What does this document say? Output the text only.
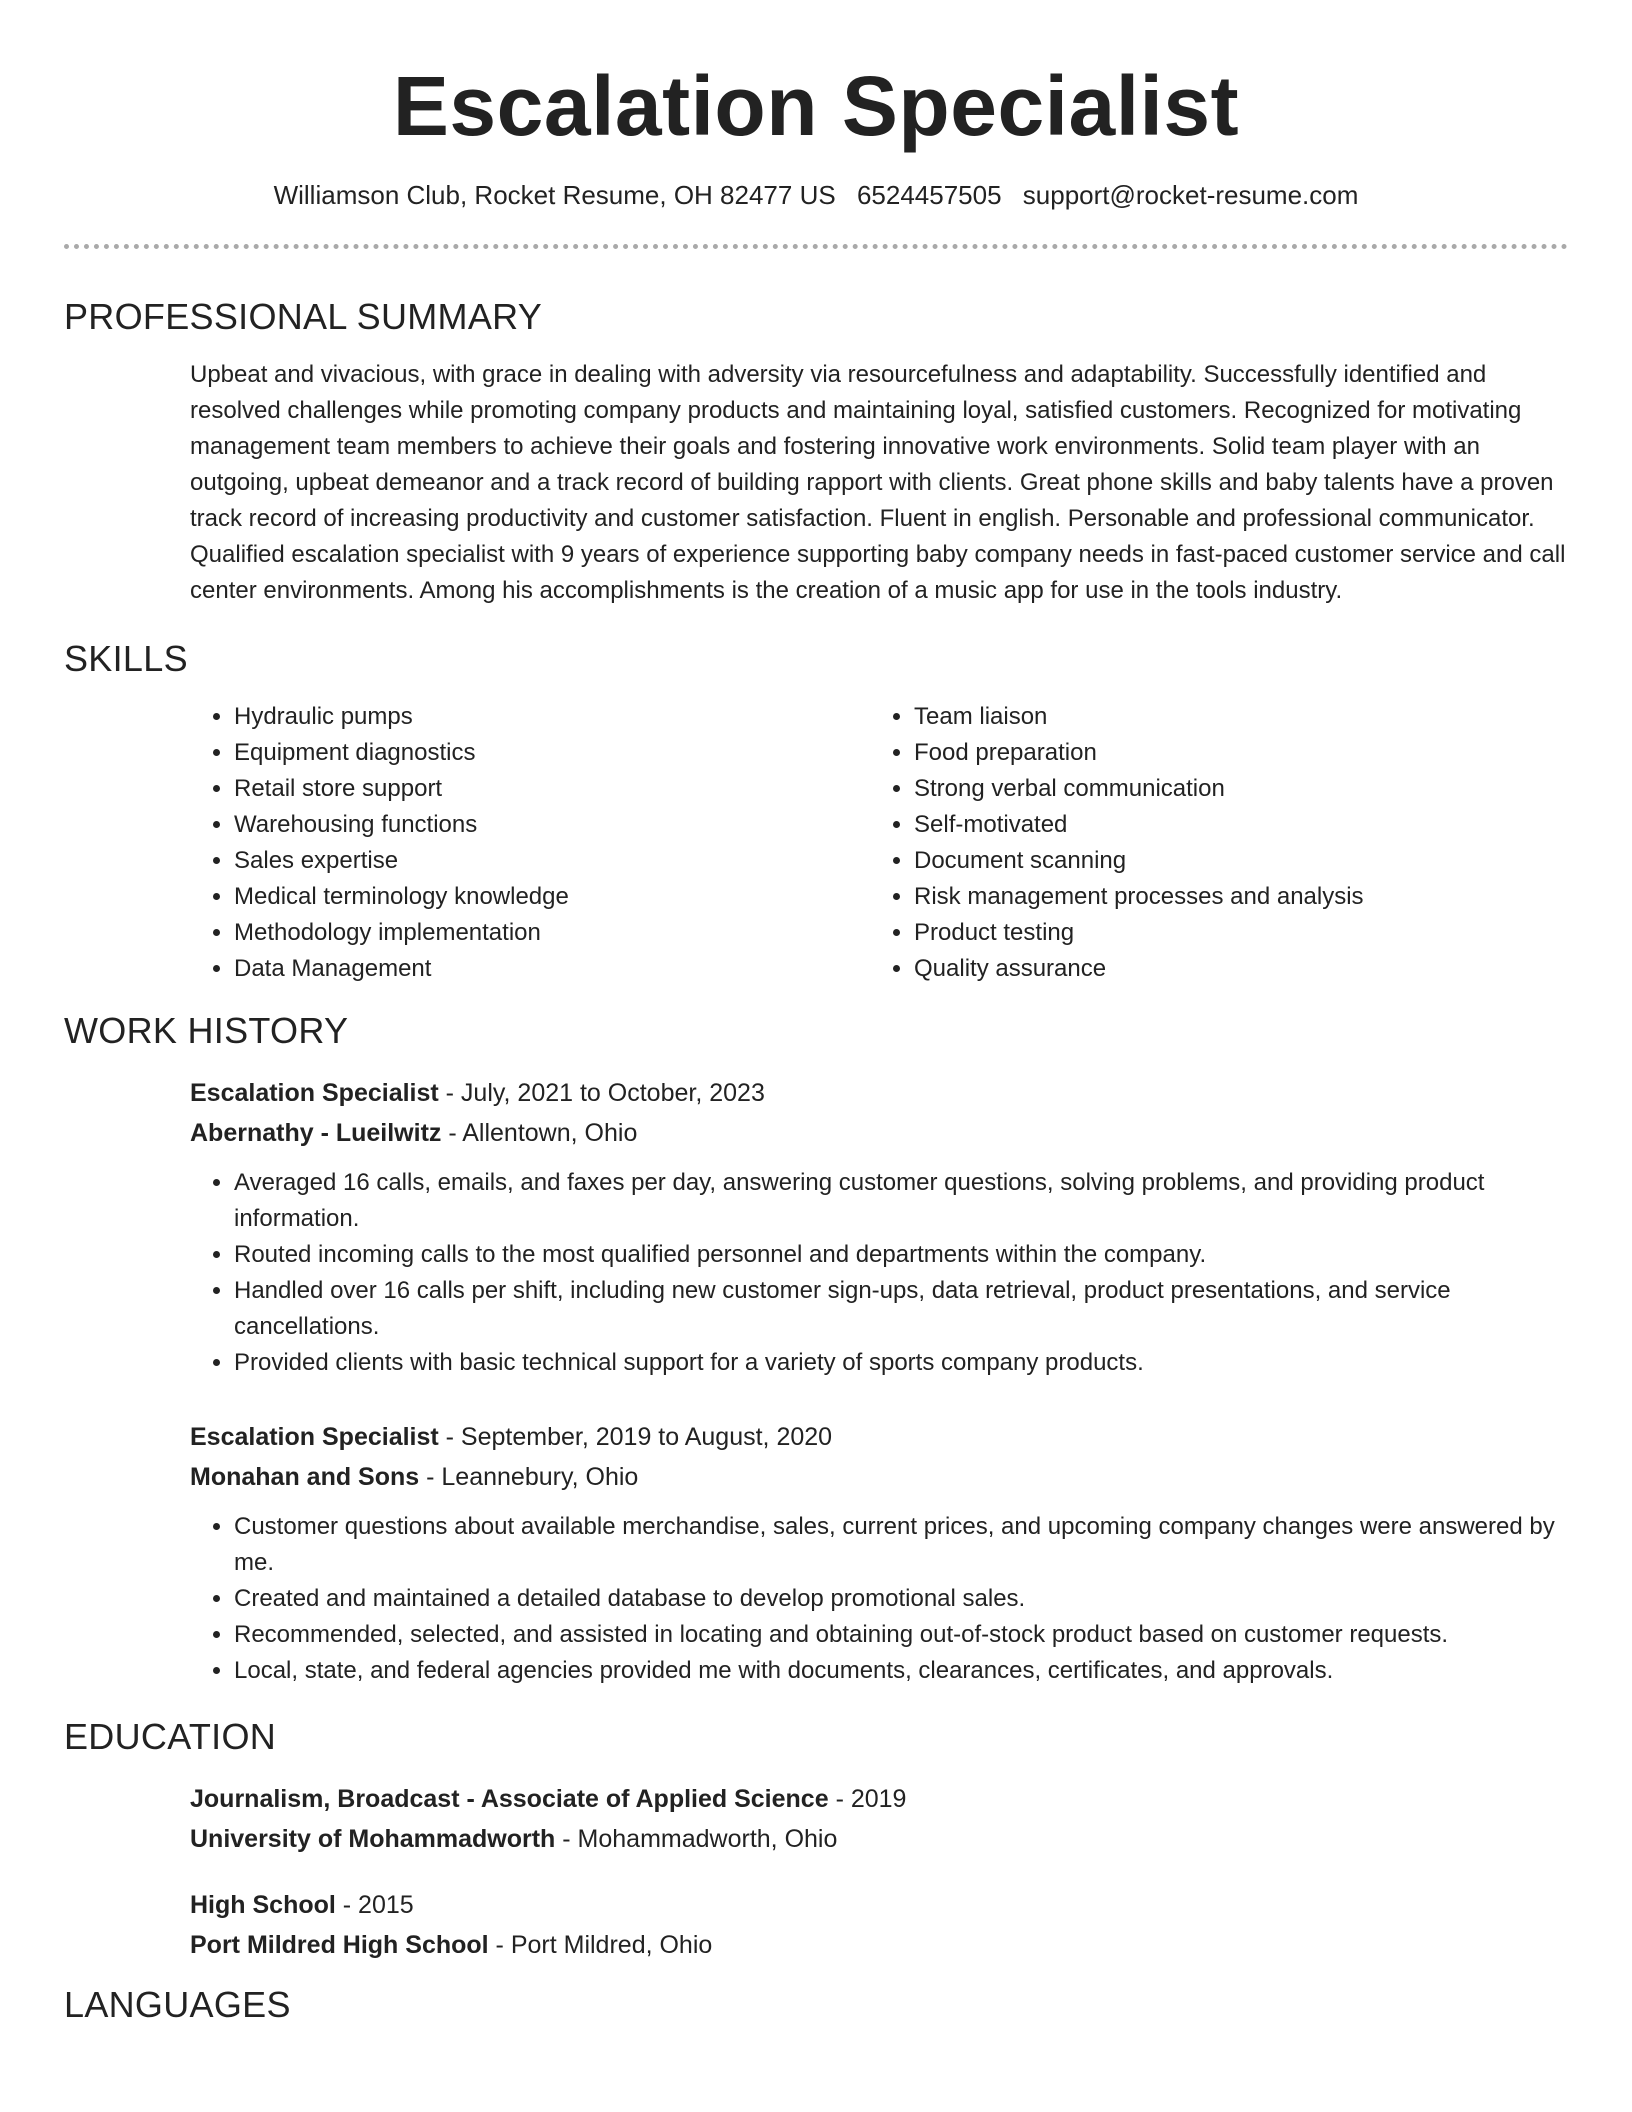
Escalation Specialist
Williamson Club, Rocket Resume, OH 82477 US 6524457505 support@rocket-resume.com
PROFESSIONAL SUMMARY

Upbeat and vivacious, with grace in dealing with adversity via resourcefulness and adaptability. Successfully identified and resolved challenges while promoting company products and maintaining loyal, satisfied customers. Recognized for motivating management team members to achieve their goals and fostering innovative work environments. Solid team player with an outgoing, upbeat demeanor and a track record of building rapport with clients. Great phone skills and baby talents have a proven track record of increasing productivity and customer satisfaction. Fluent in english. Personable and professional communicator. Qualified escalation specialist with 9 years of experience supporting baby company needs in fast-paced customer service and call center environments. Among his accomplishments is the creation of a music app for use in the tools industry.

SKILLS
• Hydraulic pumps
• Equipment diagnostics
• Retail store support
• Warehousing functions
• Sales expertise
• Medical terminology knowledge
• Methodology implementation
• Data Management
• Team liaison
• Food preparation
• Strong verbal communication
• Self-motivated
• Document scanning
• Risk management processes and analysis
• Product testing
• Quality assurance
WORK HISTORY
Escalation Specialist - July, 2021 to October, 2023
Abernathy - Lueilwitz - Allentown, Ohio
• Averaged 16 calls, emails, and faxes per day, answering customer questions, solving problems, and providing product information.
• Routed incoming calls to the most qualified personnel and departments within the company.
• Handled over 16 calls per shift, including new customer sign-ups, data retrieval, product presentations, and service cancellations.
• Provided clients with basic technical support for a variety of sports company products.
Escalation Specialist - September, 2019 to August, 2020
Monahan and Sons - Leannebury, Ohio
• Customer questions about available merchandise, sales, current prices, and upcoming company changes were answered by me.
• Created and maintained a detailed database to develop promotional sales.
• Recommended, selected, and assisted in locating and obtaining out-of-stock product based on customer requests.
• Local, state, and federal agencies provided me with documents, clearances, certificates, and approvals.
EDUCATION
Journalism, Broadcast - Associate of Applied Science - 2019
University of Mohammadworth - Mohammadworth, Ohio
High School - 2015
Port Mildred High School - Port Mildred, Ohio
LANGUAGES
